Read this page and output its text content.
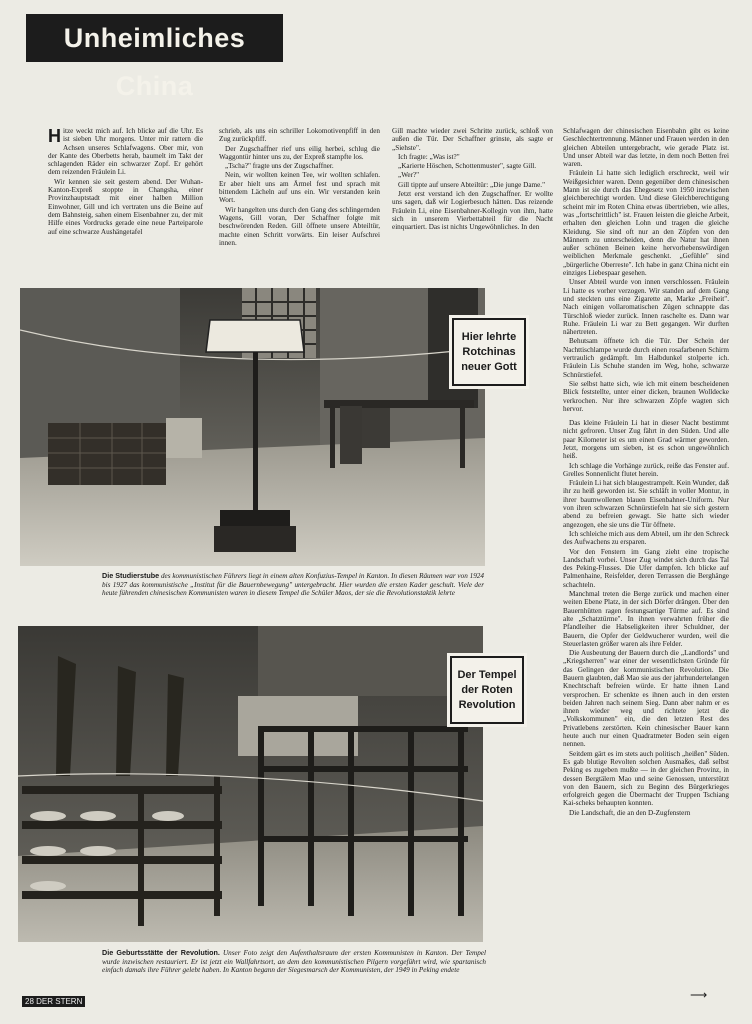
Unheimliches China

Hitze weckt mich auf. Ich blicke auf die Uhr. Es ist sieben Uhr morgens. Unter mir rattern die Achsen unseres Schlafwagens. Ober mir, von der Kante des Oberbetts herab, baumelt im Takt der schlagenden Räder ein schwarzer Zopf. Er gehört dem reizenden Fräulein Li.

Wir kennen sie seit gestern abend. Der Wuhan-Kanton-Expreß stoppte in Changsha, einer Provinzhauptstadt mit einer halben Million Einwohner, Gill und ich vertraten uns die Beine auf dem Bahnsteig, sahen einem Eisenbahner zu, der mit Hilfe eines Vordrucks gerade eine neue Parteiparole auf eine schwarze Aushängetafel

schrieb, als uns ein schriller Lokomotivenpfiff in den Zug zurückpfiff.

Der Zugschaffner rief uns eilig herbei, schlug die Waggontür hinter uns zu, der Expreß stampfte los.

„Tscha?" fragte uns der Zugschaffner.

Nein, wir wollten keinen Tee, wir wollten schlafen. Er aber hielt uns am Ärmel fest und sprach mit bittendem Lächeln auf uns ein. Wir verstanden kein Wort.

Wir hangelten uns durch den Gang des schlingernden Wagens, Gill voran, Der Schaffner folgte mit beschwörenden Reden. Gill öffnete unsere Abteiltür, machte einen Schritt vorwärts. Ein leiser Aufschrei innen.

Gill machte wieder zwei Schritte zurück, schloß von außen die Tür. Der Schaffner grinste, als sagte er „Siehste".

Ich fragte: „Was ist?"

„Karierte Höschen, Schottenmuster", sagte Gill.

„Wer?"

Gill tippte auf unsere Abteiltür: „Die junge Dame."

Jetzt erst verstand ich den Zugschaffner. Er wollte uns sagen, daß wir Logierbesuch hätten. Das reizende Fräulein Li, eine Eisenbahner-Kollegin von ihm, hatte sich in unserem Vierbettabteil für die Nacht einquartiert. Das ist nichts Ungewöhnliches. In den

Schlafwagen der chinesischen Eisenbahn gibt es keine Geschlechtertrennung. Männer und Frauen werden in den gleichen Abteilen untergebracht, wie gerade Platz ist. Und unser Abteil war das letzte, in dem noch Betten frei waren.

Fräulein Li hatte sich lediglich erschreckt, weil wir Weißgesichter waren. Denn gegenüber dem chinesischen Mann ist sie durch das Ehegesetz von 1950 inzwischen gleichberechtigt worden. Und diese Gleichberechtigung scheint mir im Roten China etwas übertrieben, wie alles, was „fortschrittlich" ist. Frauen leisten die gleiche Arbeit, erhalten den gleichen Lohn und tragen die gleiche Kleidung. Sie sind oft nur an den Zöpfen von den Männern zu unterscheiden, denn die Natur hat ihnen außer schönen Beinen keine hervorhebenswürdigen weiblichen Merkmale geschenkt. „Gefühle" sind „bürgerliche Oberreste". Ich habe in ganz China nicht ein einziges Liebespaar gesehen.

Unser Abteil wurde von innen verschlossen. Fräulein Li hatte es vorher verzogen. Wir standen auf dem Gang und steckten uns eine Zigarette an, Marke „Freiheit". Nach einigen vollaromatischen Zügen schnappte das Türschloß wieder zurück. Innen raschelte es. Dann war Ruhe. Fräulein Li war zu Bett gegangen. Wir durften nähertreten.

Behutsam öffnete ich die Tür. Der Schein der Nachttischlampe wurde durch einen rosafarbenen Schirm vertraulich gedämpft. Im Halbdunkel stolperte ich. Fräulein Lis Schuhe standen im Weg, hohe, schwarze Schnürstiefel.

Sie selbst hatte sich, wie ich mit einem bescheidenen Blick feststellte, unter einer dicken, braunen Wolldecke verkrochen. Nur ihre schwarzen Zöpfe wagten sich hervor.

Das kleine Fräulein Li hat in dieser Nacht bestimmt nicht gefroren. Unser Zug fährt in den Süden. Und alle paar Kilometer ist es um einen Grad wärmer geworden. Jetzt, morgens um sieben, ist es schon ungewöhnlich heiß.

Ich schlage die Vorhänge zurück, reiße das Fenster auf. Grelles Sonnenlicht flutet herein.

Fräulein Li hat sich blaugestrampelt. Kein Wunder, daß ihr zu heiß geworden ist. Sie schläft in voller Montur, in ihrer baumwollenen blauen Eisenbahner-Uniform. Nur von ihren schwarzen Schnürstiefeln hat sie sich gestern abend zu befreien gewagt. Sie hatte sich wieder angezogen, ehe sie uns die Tür öffnete.

Ich schleiche mich aus dem Abteil, um ihr den Schreck des Aufwachens zu ersparen.

Vor den Fenstern im Gang zieht eine tropische Landschaft vorbei. Unser Zug windet sich durch das Tal des Peking-Flusses. Die Ufer dampfen. Ich blicke auf Palmenhaine, Reisfelder, deren Terrassen die Berghänge schachteln.

Manchmal treten die Berge zurück und machen einer weiten Ebene Platz, in der sich Dörfer drängen. Über den Bauernhütten ragen festungsartige Türme auf. Es sind alte „Schatztürme". In ihnen verwahrten früher die Pfandleiher die Habseligkeiten ihrer Schuldner, der Bauern, die Opfer der Geldwucherer wurden, weil die Steuerlasten größer waren als ihre Felder.

Die Ausbeutung der Bauern durch die „Landlords" und „Kriegsherren" war einer der wesentlichsten Gründe für das Gelingen der kommunistischen Revolution. Die Bauern glaubten, daß Mao sie aus der jahrhundertelangen Knechtschaft befreien würde. Er hatte ihnen Land versprochen. Er schenkte es ihnen auch in den ersten beiden Jahren nach seinem Sieg. Dann aber nahm er es ihnen wieder weg und richtete jetzt die „Volkskommunen" ein, die den letzten Rest des Privatlebens zerstörten. Kein chinesischer Bauer kann heute auch nur einen Quadratmeter Boden sein eigen nennen.

Seitdem gärt es im stets auch politisch „heißen" Süden. Es gab blutige Revolten solchen Ausmaßes, daß selbst Peking es zugeben mußte — in der gleichen Provinz, in dessen Bergtälern Mao und seine Genossen, unterstützt von den Bauern, sich zu Beginn des Bürgerkrieges erfolgreich gegen die Übermacht der Truppen Tschiang Kai-scheks behaupten konnten.

Die Landschaft, die an den D-Zugfenstern

Hier lehrte
Rotchinas
neuer Gott
Die Studierstube des kommunistischen Führers liegt in einem alten Konfuzius-Tempel in Kanton. In diesen Räumen war von 1924 bis 1927 das kommunistische „Institut für die Bauernbewegung" untergebracht. Hier wurden die ersten Kader geschult. Viele der heute führenden chinesischen Kommunisten waren in diesem Tempel die Schüler Maos, der sie die Revolutionstaktik lehrte
Der Tempel
der Roten
Revolution
Die Geburtsstätte der Revolution. Unser Foto zeigt den Aufenthaltsraum der ersten Kommunisten in Kanton. Der Tempel wurde inzwischen restauriert. Er ist jetzt ein Wallfahrtsort, an dem den kommunistischen Pilgern vorgeführt wird, wie spartanisch einfach damals ihre Führer gelebt haben. In Kanton begann der Siegesmarsch der Kommunisten, der 1949 in Peking endete
28 DER STERN	⟶
